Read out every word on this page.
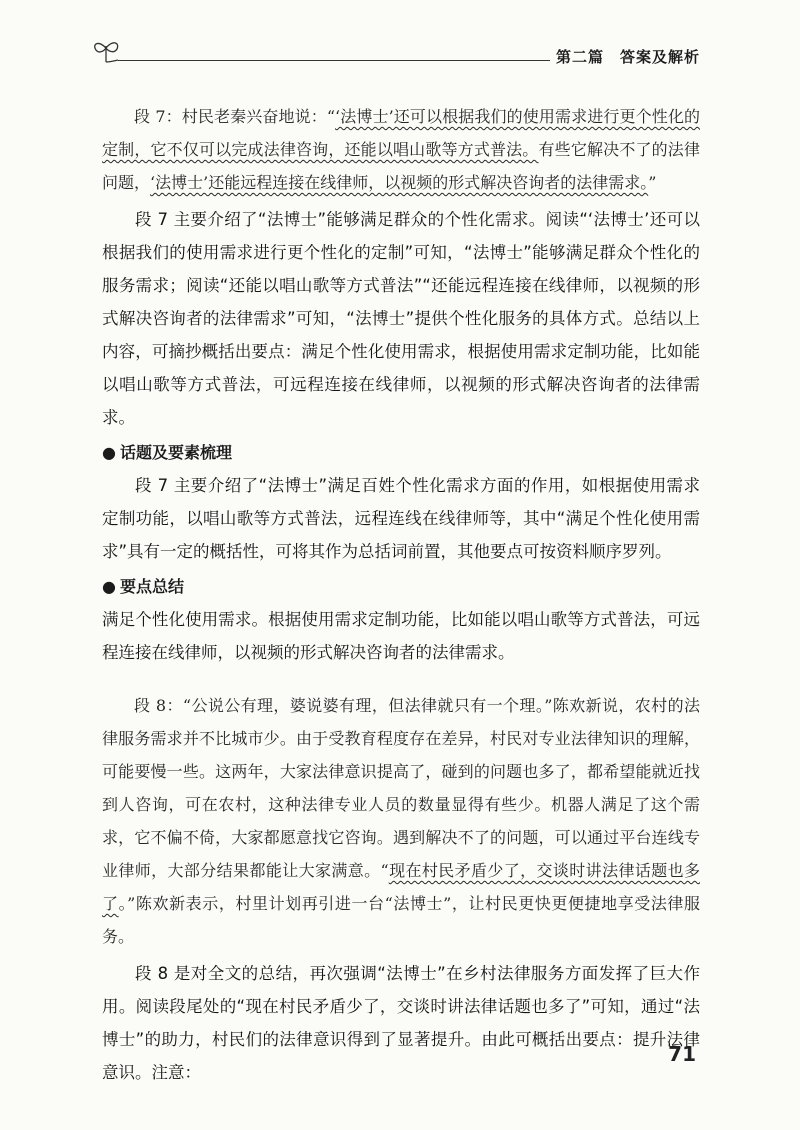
第二篇　答案及解析

段 7：村民老秦兴奋地说：“‘法博士’还可以根据我们的使用需求进行更个性化的定制，它不仅可以完成法律咨询，还能以唱山歌等方式普法。有些它解决不了的法律问题，‘法博士’还能远程连接在线律师，以视频的形式解决咨询者的法律需求。”

段 7 主要介绍了“法博士”能够满足群众的个性化需求。阅读“‘法博士’还可以根据我们的使用需求进行更个性化的定制”可知，“法博士”能够满足群众个性化的服务需求；阅读“还能以唱山歌等方式普法”“还能远程连接在线律师，以视频的形式解决咨询者的法律需求”可知，“法博士”提供个性化服务的具体方式。总结以上内容，可摘抄概括出要点：满足个性化使用需求，根据使用需求定制功能，比如能以唱山歌等方式普法，可远程连接在线律师，以视频的形式解决咨询者的法律需求。

● 话题及要素梳理

段 7 主要介绍了“法博士”满足百姓个性化需求方面的作用，如根据使用需求定制功能，以唱山歌等方式普法，远程连线在线律师等，其中“满足个性化使用需求”具有一定的概括性，可将其作为总括词前置，其他要点可按资料顺序罗列。

● 要点总结

满足个性化使用需求。根据使用需求定制功能，比如能以唱山歌等方式普法，可远程连接在线律师，以视频的形式解决咨询者的法律需求。

段 8：“公说公有理，婆说婆有理，但法律就只有一个理。”陈欢新说，农村的法律服务需求并不比城市少。由于受教育程度存在差异，村民对专业法律知识的理解，可能要慢一些。这两年，大家法律意识提高了，碰到的问题也多了，都希望能就近找到人咨询，可在农村，这种法律专业人员的数量显得有些少。机器人满足了这个需求，它不偏不倚，大家都愿意找它咨询。遇到解决不了的问题，可以通过平台连线专业律师，大部分结果都能让大家满意。“现在村民矛盾少了，交谈时讲法律话题也多了。”陈欢新表示，村里计划再引进一台“法博士”，让村民更快更便捷地享受法律服务。

段 8 是对全文的总结，再次强调“法博士”在乡村法律服务方面发挥了巨大作用。阅读段尾处的“现在村民矛盾少了，交谈时讲法律话题也多了”可知，通过“法博士”的助力，村民们的法律意识得到了显著提升。由此可概括出要点：提升法律意识。注意：

71
